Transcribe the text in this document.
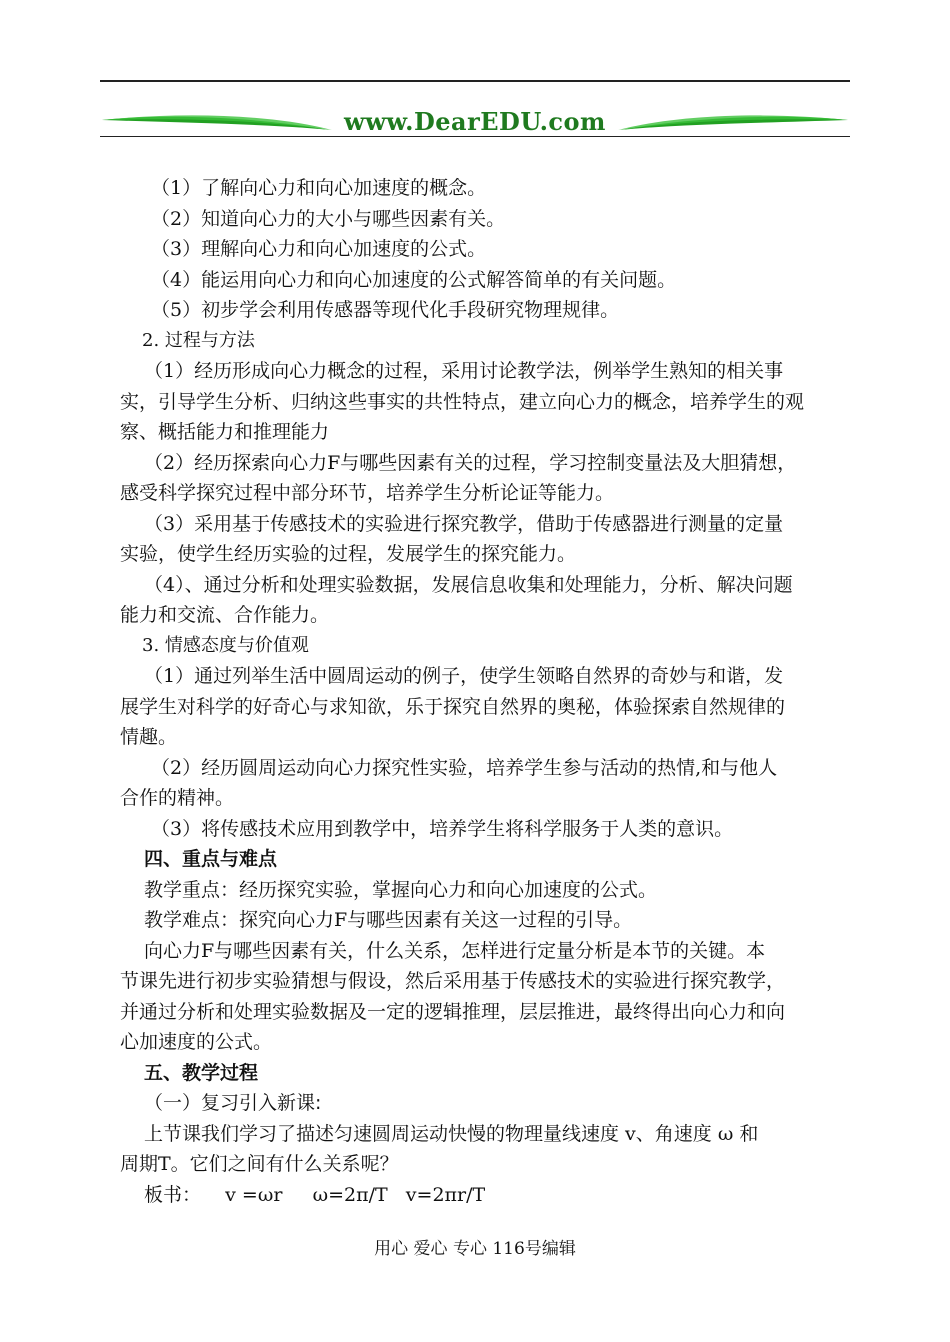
www.DearEDU.com
（1）了解向心力和向心加速度的概念。
（2）知道向心力的大小与哪些因素有关。
（3）理解向心力和向心加速度的公式。
（4）能运用向心力和向心加速度的公式解答简单的有关问题。
（5）初步学会利用传感器等现代化手段研究物理规律。
2. 过程与方法
（1）经历形成向心力概念的过程，采用讨论教学法，例举学生熟知的相关事
实，引导学生分析、归纳这些事实的共性特点，建立向心力的概念，培养学生的观
察、概括能力和推理能力
（2）经历探索向心力F与哪些因素有关的过程，学习控制变量法及大胆猜想，
感受科学探究过程中部分环节，培养学生分析论证等能力。
（3）采用基于传感技术的实验进行探究教学，借助于传感器进行测量的定量
实验，使学生经历实验的过程，发展学生的探究能力。
（4）、通过分析和处理实验数据，发展信息收集和处理能力，分析、解决问题
能力和交流、合作能力。
3. 情感态度与价值观
（1）通过列举生活中圆周运动的例子，使学生领略自然界的奇妙与和谐，发
展学生对科学的好奇心与求知欲，乐于探究自然界的奥秘，体验探索自然规律的
情趣。
（2）经历圆周运动向心力探究性实验，培养学生参与活动的热情,和与他人
合作的精神。
（3）将传感技术应用到教学中，培养学生将科学服务于人类的意识。
四、重点与难点
教学重点：经历探究实验，掌握向心力和向心加速度的公式。
教学难点：探究向心力F与哪些因素有关这一过程的引导。
向心力F与哪些因素有关，什么关系，怎样进行定量分析是本节的关键。本
节课先进行初步实验猜想与假设，然后采用基于传感技术的实验进行探究教学，
并通过分析和处理实验数据及一定的逻辑推理，层层推进，最终得出向心力和向
心加速度的公式。
五、教学过程
（一）复习引入新课:
上节课我们学习了描述匀速圆周运动快慢的物理量线速度 v、角速度 ω 和
周期T。它们之间有什么关系呢？
板书：    v =ωr     ω=2π/T   v=2πr/T
用心 爱心 专心 116号编辑
